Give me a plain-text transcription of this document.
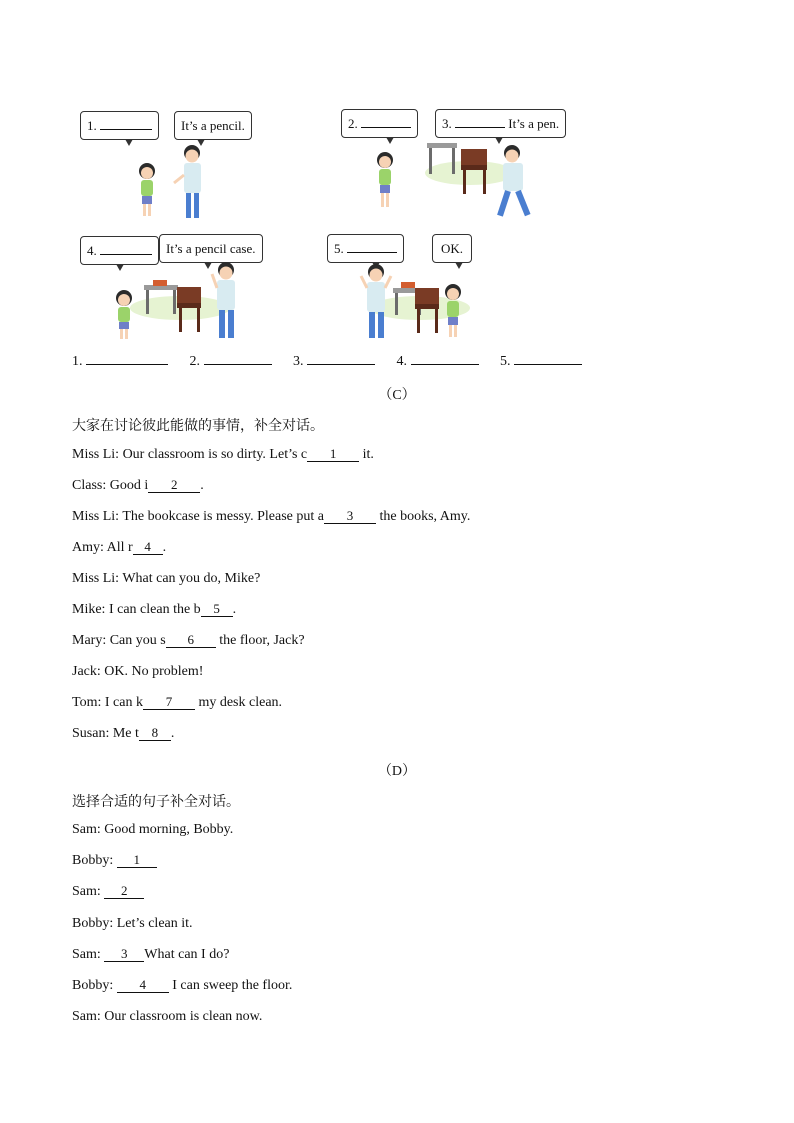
1.	It’s a pencil.	2.	3.	It’s a pen.
4.	It’s a pencil case.	5.	OK.
1.	2.	3.	4.	5.
（C）
大家在讨论彼此能做的事情，补全对话。
Miss Li: Our classroom is so dirty. Let’s c 1 it.
Class: Good i 2 .
Miss Li: The bookcase is messy. Please put a 3 the books, Amy.
Amy: All r 4 .
Miss Li: What can you do, Mike?
Mike: I can clean the b 5 .
Mary: Can you s 6 the floor, Jack?
Jack: OK. No problem!
Tom: I can k 7 my desk clean.
Susan: Me t 8 .
（D）
选择合适的句子补全对话。
Sam: Good morning, Bobby.
Bobby: 1
Sam: 2
Bobby: Let’s clean it.
Sam: 3 What can I do?
Bobby: 4 I can sweep the floor.
Sam: Our classroom is clean now.
